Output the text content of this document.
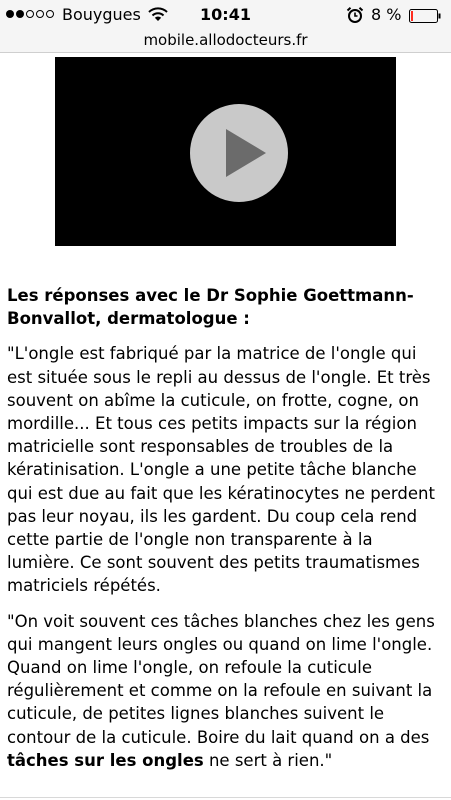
Bouygues	10:41	8 %
mobile.allodocteurs.fr
Les réponses avec le Dr Sophie Goettmann-Bonvallot, dermatologue :

"L'ongle est fabriqué par la matrice de l'ongle qui est située sous le repli au dessus de l'ongle. Et très souvent on abîme la cuticule, on frotte, cogne, on mordille... Et tous ces petits impacts sur la région matricielle sont responsables de troubles de la kératinisation. L'ongle a une petite tâche blanche qui est due au fait que les kératinocytes ne perdent pas leur noyau, ils les gardent. Du coup cela rend cette partie de l'ongle non transparente à la lumière. Ce sont souvent des petits traumatismes matriciels répétés.

"On voit souvent ces tâches blanches chez les gens qui mangent leurs ongles ou quand on lime l'ongle. Quand on lime l'ongle, on refoule la cuticule régulièrement et comme on la refoule en suivant la cuticule, de petites lignes blanches suivent le contour de la cuticule. Boire du lait quand on a des tâches sur les ongles ne sert à rien."
